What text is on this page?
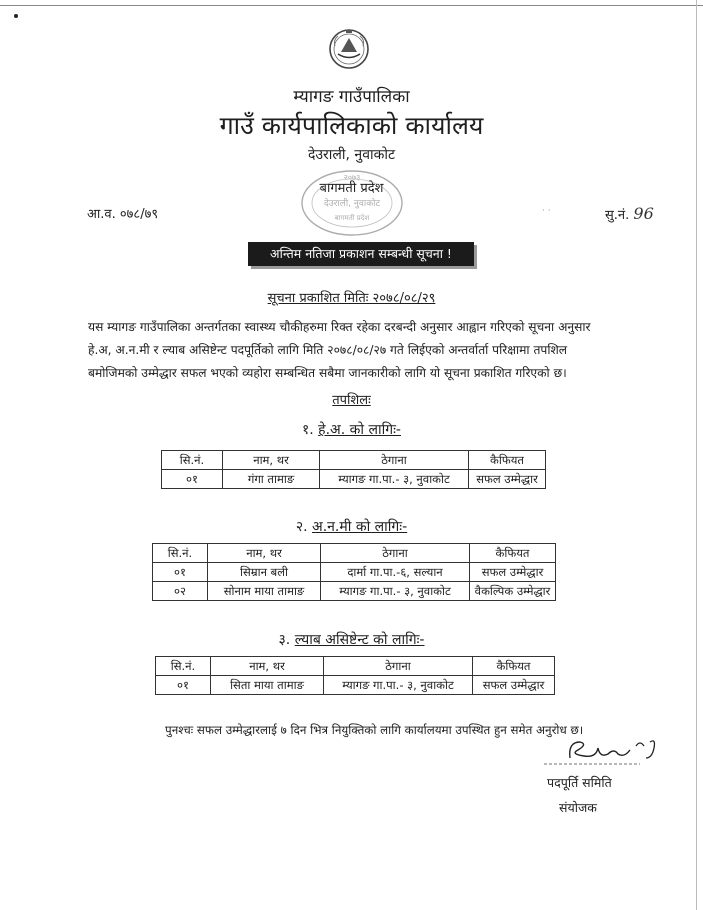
म्यागङ गाउँपालिका
गाउँ कार्यपालिकाको कार्यालय
देउराली, नुवाकोट
बागमती प्रदेश
२०७३
देउराली, नुवाकोट
बागमती प्रदेश
आ.व. ०७८/७९	· ·	सु.नं. 96
अन्तिम नतिजा प्रकाशन सम्बन्धी सूचना !
सूचना प्रकाशित मितिः २०७८/०८/२९
यस म्यागङ गाउँपालिका अन्तर्गतका स्वास्थ्य चौकीहरुमा रिक्त रहेका दरबन्दी अनुसार आह्वान गरिएको सूचना अनुसार
हे.अ, अ.न.मी र ल्याब असिष्टेन्ट पदपूर्तिको लागि मिति २०७८/०८/२७ गते लिईएको अन्तर्वार्ता परिक्षामा तपशिल
बमोजिमको उम्मेद्धार सफल भएको व्यहोरा सम्बन्धित सबैमा जानकारीको लागि यो सूचना प्रकाशित गरिएको छ।
तपशिलः
१. हे.अ. को लागिः-
सि.नं.	नाम, थर	ठेगाना	कैफियत
०१	गंगा तामाङ	म्यागङ गा.पा.- ३, नुवाकोट	सफल उम्मेद्धार
२. अ.न.मी को लागिः-
सि.नं.	नाम, थर	ठेगाना	कैफियत
०१	सिम्रान बली	दार्मा गा.पा.-६, सल्यान	सफल उम्मेद्धार
०२	सोनाम माया तामाङ	म्यागङ गा.पा.- ३, नुवाकोट	वैकल्पिक उम्मेद्धार
३. ल्याब असिष्टेन्ट को लागिः-
सि.नं.	नाम, थर	ठेगाना	कैफियत
०१	सिता माया तामाङ	म्यागङ गा.पा.- ३, नुवाकोट	सफल उम्मेद्धार
पुनश्चः सफल उम्मेद्धारलाई ७ दिन भित्र नियुक्तिको लागि कार्यालयमा उपस्थित हुन समेत अनुरोध छ।
पदपूर्ति समिति
संयोजक
